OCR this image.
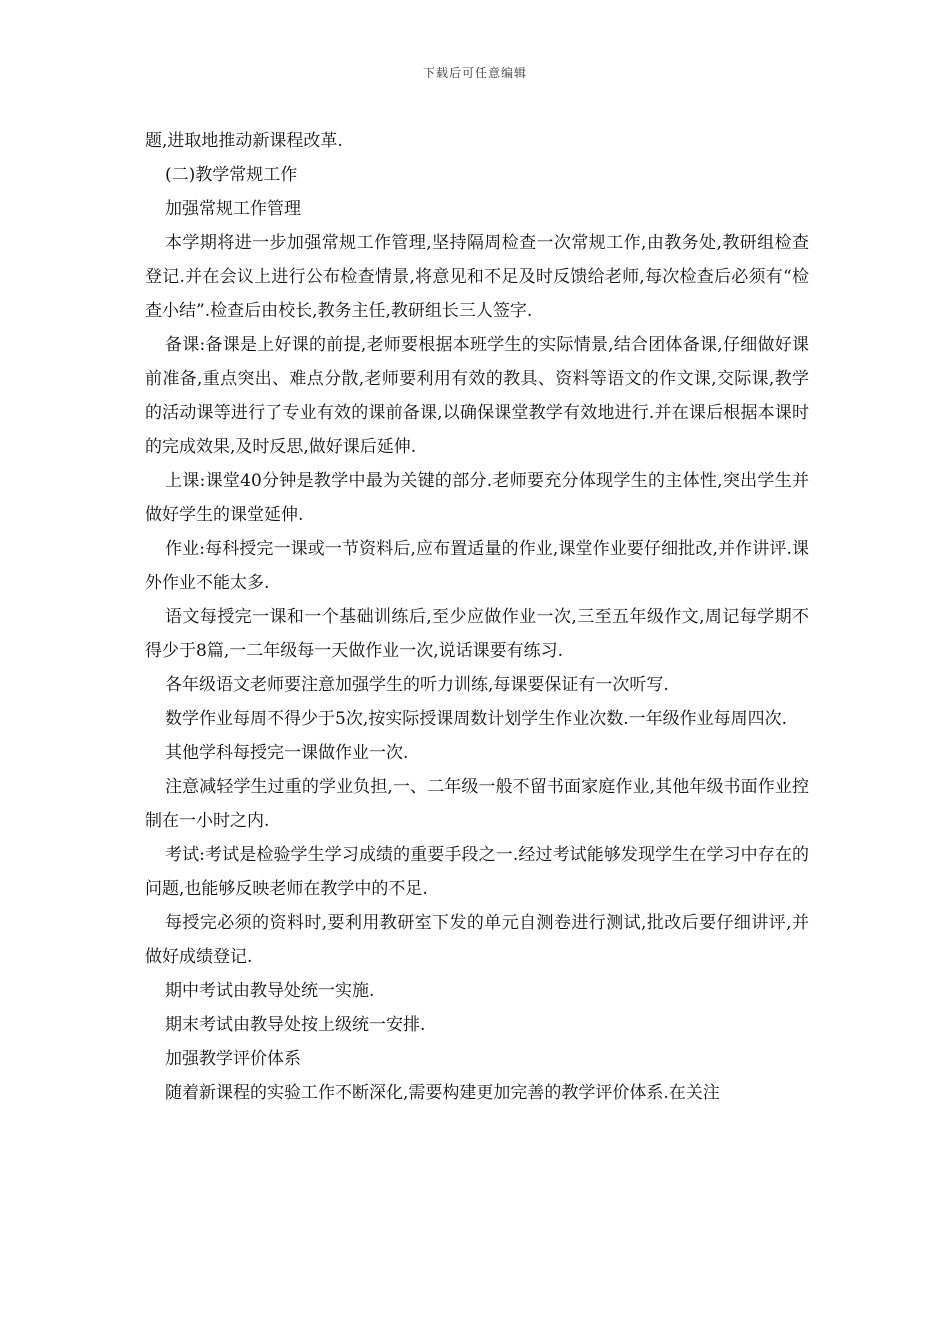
下载后可任意编辑

题,进取地推动新课程改革.

(二)教学常规工作

加强常规工作管理

本学期将进一步加强常规工作管理,坚持隔周检查一次常规工作,由教务处,教研组检查登记.并在会议上进行公布检查情景,将意见和不足及时反馈给老师,每次检查后必须有“检查小结”.检查后由校长,教务主任,教研组长三人签字.

备课:备课是上好课的前提,老师要根据本班学生的实际情景,结合团体备课,仔细做好课前准备,重点突出、难点分散,老师要利用有效的教具、资料等语文的作文课,交际课,教学的活动课等进行了专业有效的课前备课,以确保课堂教学有效地进行.并在课后根据本课时的完成效果,及时反思,做好课后延伸.

上课:课堂40分钟是教学中最为关键的部分.老师要充分体现学生的主体性,突出学生并做好学生的课堂延伸.

作业:每科授完一课或一节资料后,应布置适量的作业,课堂作业要仔细批改,并作讲评.课外作业不能太多.

语文每授完一课和一个基础训练后,至少应做作业一次,三至五年级作文,周记每学期不得少于8篇,一二年级每一天做作业一次,说话课要有练习.

各年级语文老师要注意加强学生的听力训练,每课要保证有一次听写.

数学作业每周不得少于5次,按实际授课周数计划学生作业次数.一年级作业每周四次.

其他学科每授完一课做作业一次.

注意减轻学生过重的学业负担,一、二年级一般不留书面家庭作业,其他年级书面作业控制在一小时之内.

考试:考试是检验学生学习成绩的重要手段之一.经过考试能够发现学生在学习中存在的问题,也能够反映老师在教学中的不足.

每授完必须的资料时,要利用教研室下发的单元自测卷进行测试,批改后要仔细讲评,并做好成绩登记.

期中考试由教导处统一实施.

期末考试由教导处按上级统一安排.

加强教学评价体系

随着新课程的实验工作不断深化,需要构建更加完善的教学评价体系.在关注
